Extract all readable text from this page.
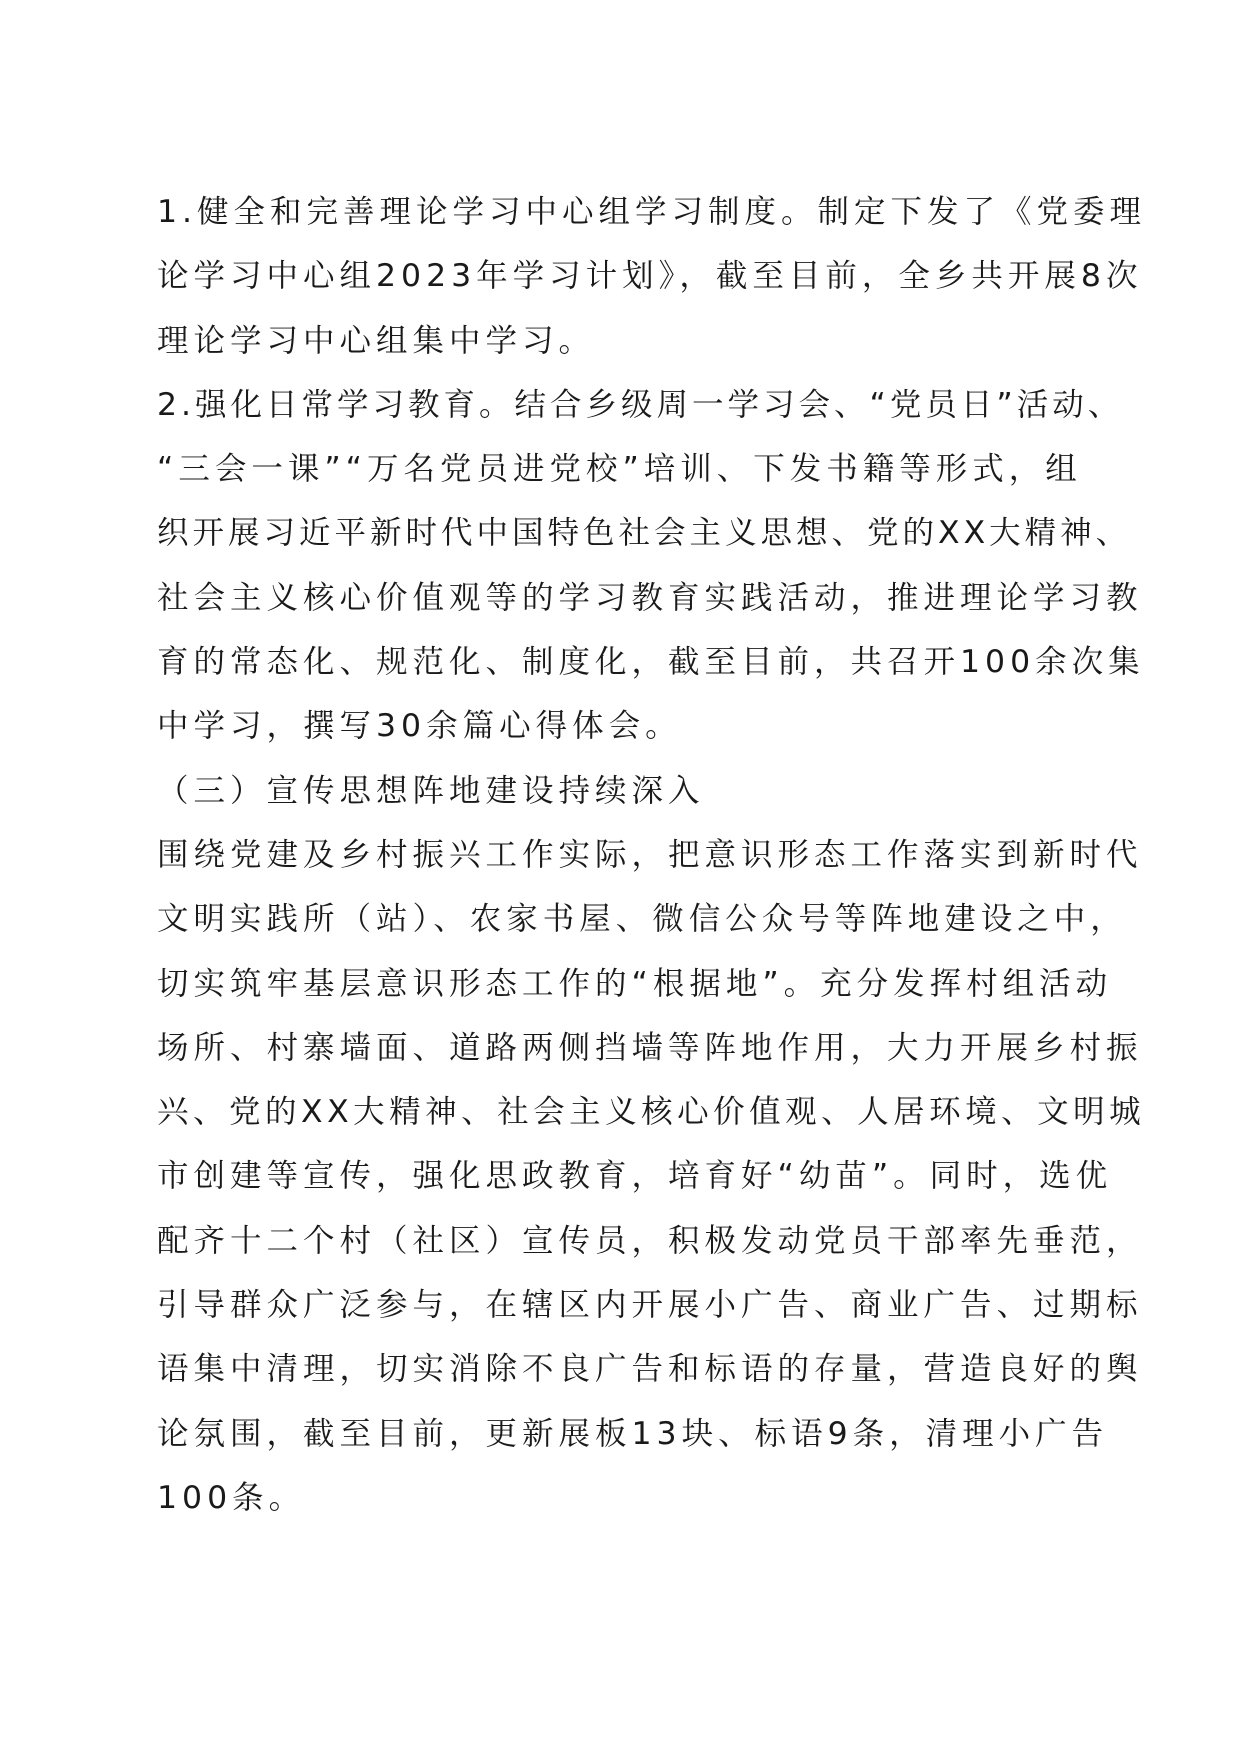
1.健全和完善理论学习中心组学习制度。制定下发了《党委理
论学习中心组2023年学习计划》，截至目前，全乡共开展8次
理论学习中心组集中学习。
2.强化日常学习教育。结合乡级周一学习会、“党员日”活动、
“三会一课”“万名党员进党校”培训、下发书籍等形式，组
织开展习近平新时代中国特色社会主义思想、党的XX大精神、
社会主义核心价值观等的学习教育实践活动，推进理论学习教
育的常态化、规范化、制度化，截至目前，共召开100余次集
中学习，撰写30余篇心得体会。
（三）宣传思想阵地建设持续深入
围绕党建及乡村振兴工作实际，把意识形态工作落实到新时代
文明实践所（站）、农家书屋、微信公众号等阵地建设之中，
切实筑牢基层意识形态工作的“根据地”。充分发挥村组活动
场所、村寨墙面、道路两侧挡墙等阵地作用，大力开展乡村振
兴、党的XX大精神、社会主义核心价值观、人居环境、文明城
市创建等宣传，强化思政教育，培育好“幼苗”。同时，选优
配齐十二个村（社区）宣传员，积极发动党员干部率先垂范，
引导群众广泛参与，在辖区内开展小广告、商业广告、过期标
语集中清理，切实消除不良广告和标语的存量，营造良好的舆
论氛围，截至目前，更新展板13块、标语9条，清理小广告
100条。
